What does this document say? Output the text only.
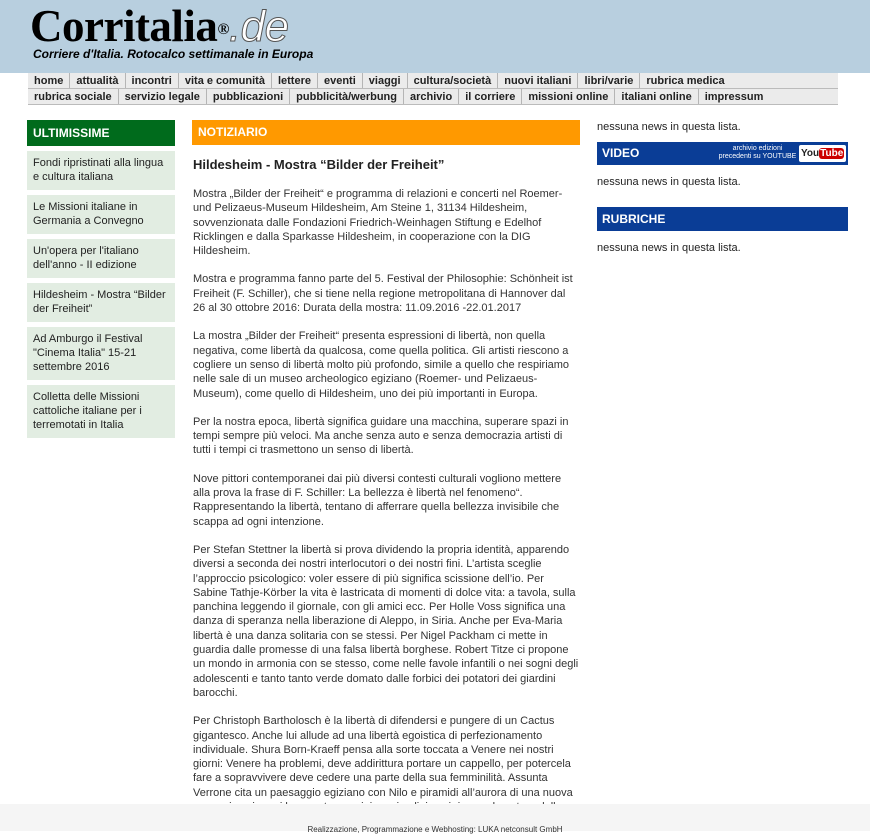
Corritalia®.de
Corriere d'Italia. Rotocalco settimanale in Europa
home	attualità	incontri	vita e comunità	lettere	eventi	viaggi	cultura/società	nuovi italiani	libri/varie	rubrica medica
rubrica sociale	servizio legale	pubblicazioni	pubblicità/werbung	archivio	il corriere	missioni online	italiani online	impressum
ULTIMISSIME
Fondi ripristinati alla lingua e cultura italiana
Le Missioni italiane in Germania a Convegno
Un'opera per l'italiano dell'anno - II edizione
Hildesheim - Mostra “Bilder der Freiheit”
Ad Amburgo il Festival "Cinema Italia" 15-21 settembre 2016
Colletta delle Missioni cattoliche italiane per i terremotati in Italia
NOTIZIARIO
Hildesheim - Mostra “Bilder der Freiheit”

Mostra „Bilder der Freiheit“ e programma di relazioni e concerti nel Roemer- und Pelizaeus-Museum Hildesheim, Am Steine 1, 31134 Hildesheim, sovvenzionata dalle Fondazioni Friedrich-Weinhagen Stiftung e Edelhof Ricklingen e dalla Sparkasse Hildesheim, in cooperazione con la DIG Hildesheim.

Mostra e programma fanno parte del 5. Festival der Philosophie: Schönheit ist Freiheit (F. Schiller), che si tiene nella regione metropolitana di Hannover dal 26 al 30 ottobre 2016: Durata della mostra: 11.09.2016 -22.01.2017

La mostra „Bilder der Freiheit“ presenta espressioni di libertà, non quella negativa, come libertà da qualcosa, come quella politica. Gli artisti riescono a cogliere un senso di libertà molto più profondo, simile a quello che respiriamo nelle sale di un museo archeologico egiziano (Roemer- und Pelizaeus-Museum), come quello di Hildesheim, uno dei più importanti in Europa.

Per la nostra epoca, libertà significa guidare una macchina, superare spazi in tempi sempre più veloci. Ma anche senza auto e senza democrazia artisti di tutti i tempi ci trasmettono un senso di libertà.

Nove pittori contemporanei dai più diversi contesti culturali vogliono mettere alla prova la frase di F. Schiller: La bellezza è libertà nel fenomeno“. Rappresentando la libertà, tentano di afferrare quella bellezza invisibile che scappa ad ogni intenzione.

Per Stefan Stettner la libertà si prova dividendo la propria identità, apparendo diversi a seconda dei nostri interlocutori o dei nostri fini. L’artista sceglie l’approccio psicologico: voler essere di più significa scissione dell’io. Per Sabine Tathje-Körber la vita è lastricata di momenti di dolce vita: a tavola, sulla panchina leggendo il giornale, con gli amici ecc. Per Holle Voss significa una danza di speranza nella liberazione di Aleppo, in Siria. Anche per Eva-Maria libertà è una danza solitaria con se stessi. Per Nigel Packham ci mette in guardia dalle promesse di una falsa libertà borghese. Robert Titze ci propone un mondo in armonia con se stesso, come nelle favole infantili o nei sogni degli adolescenti e tanto tanto verde domato dalle forbici dei potatori dei giardini barocchi.

Per Christoph Bartholosch è la libertà di difendersi e pungere di un Cactus gigantesco. Anche lui allude ad una libertà egoistica di perfezionamento individuale. Shura Born-Kraeff pensa alla sorte toccata a Venere nei nostri giorni: Venere ha problemi, deve addirittura portare un cappello, per potercela fare a sopravvivere deve cedere una parte della sua femminilità. Assunta Verrone cita un paesaggio egiziano con Nilo e piramidi all’aurora di una nuova

nessuna news in questa lista.
VIDEO	archivio edizioni precedenti su YOUTUBE YouTube
nessuna news in questa lista.
RUBRICHE
nessuna news in questa lista.
Realizzazione, Programmazione e Webhosting: LUKA netconsult GmbH
